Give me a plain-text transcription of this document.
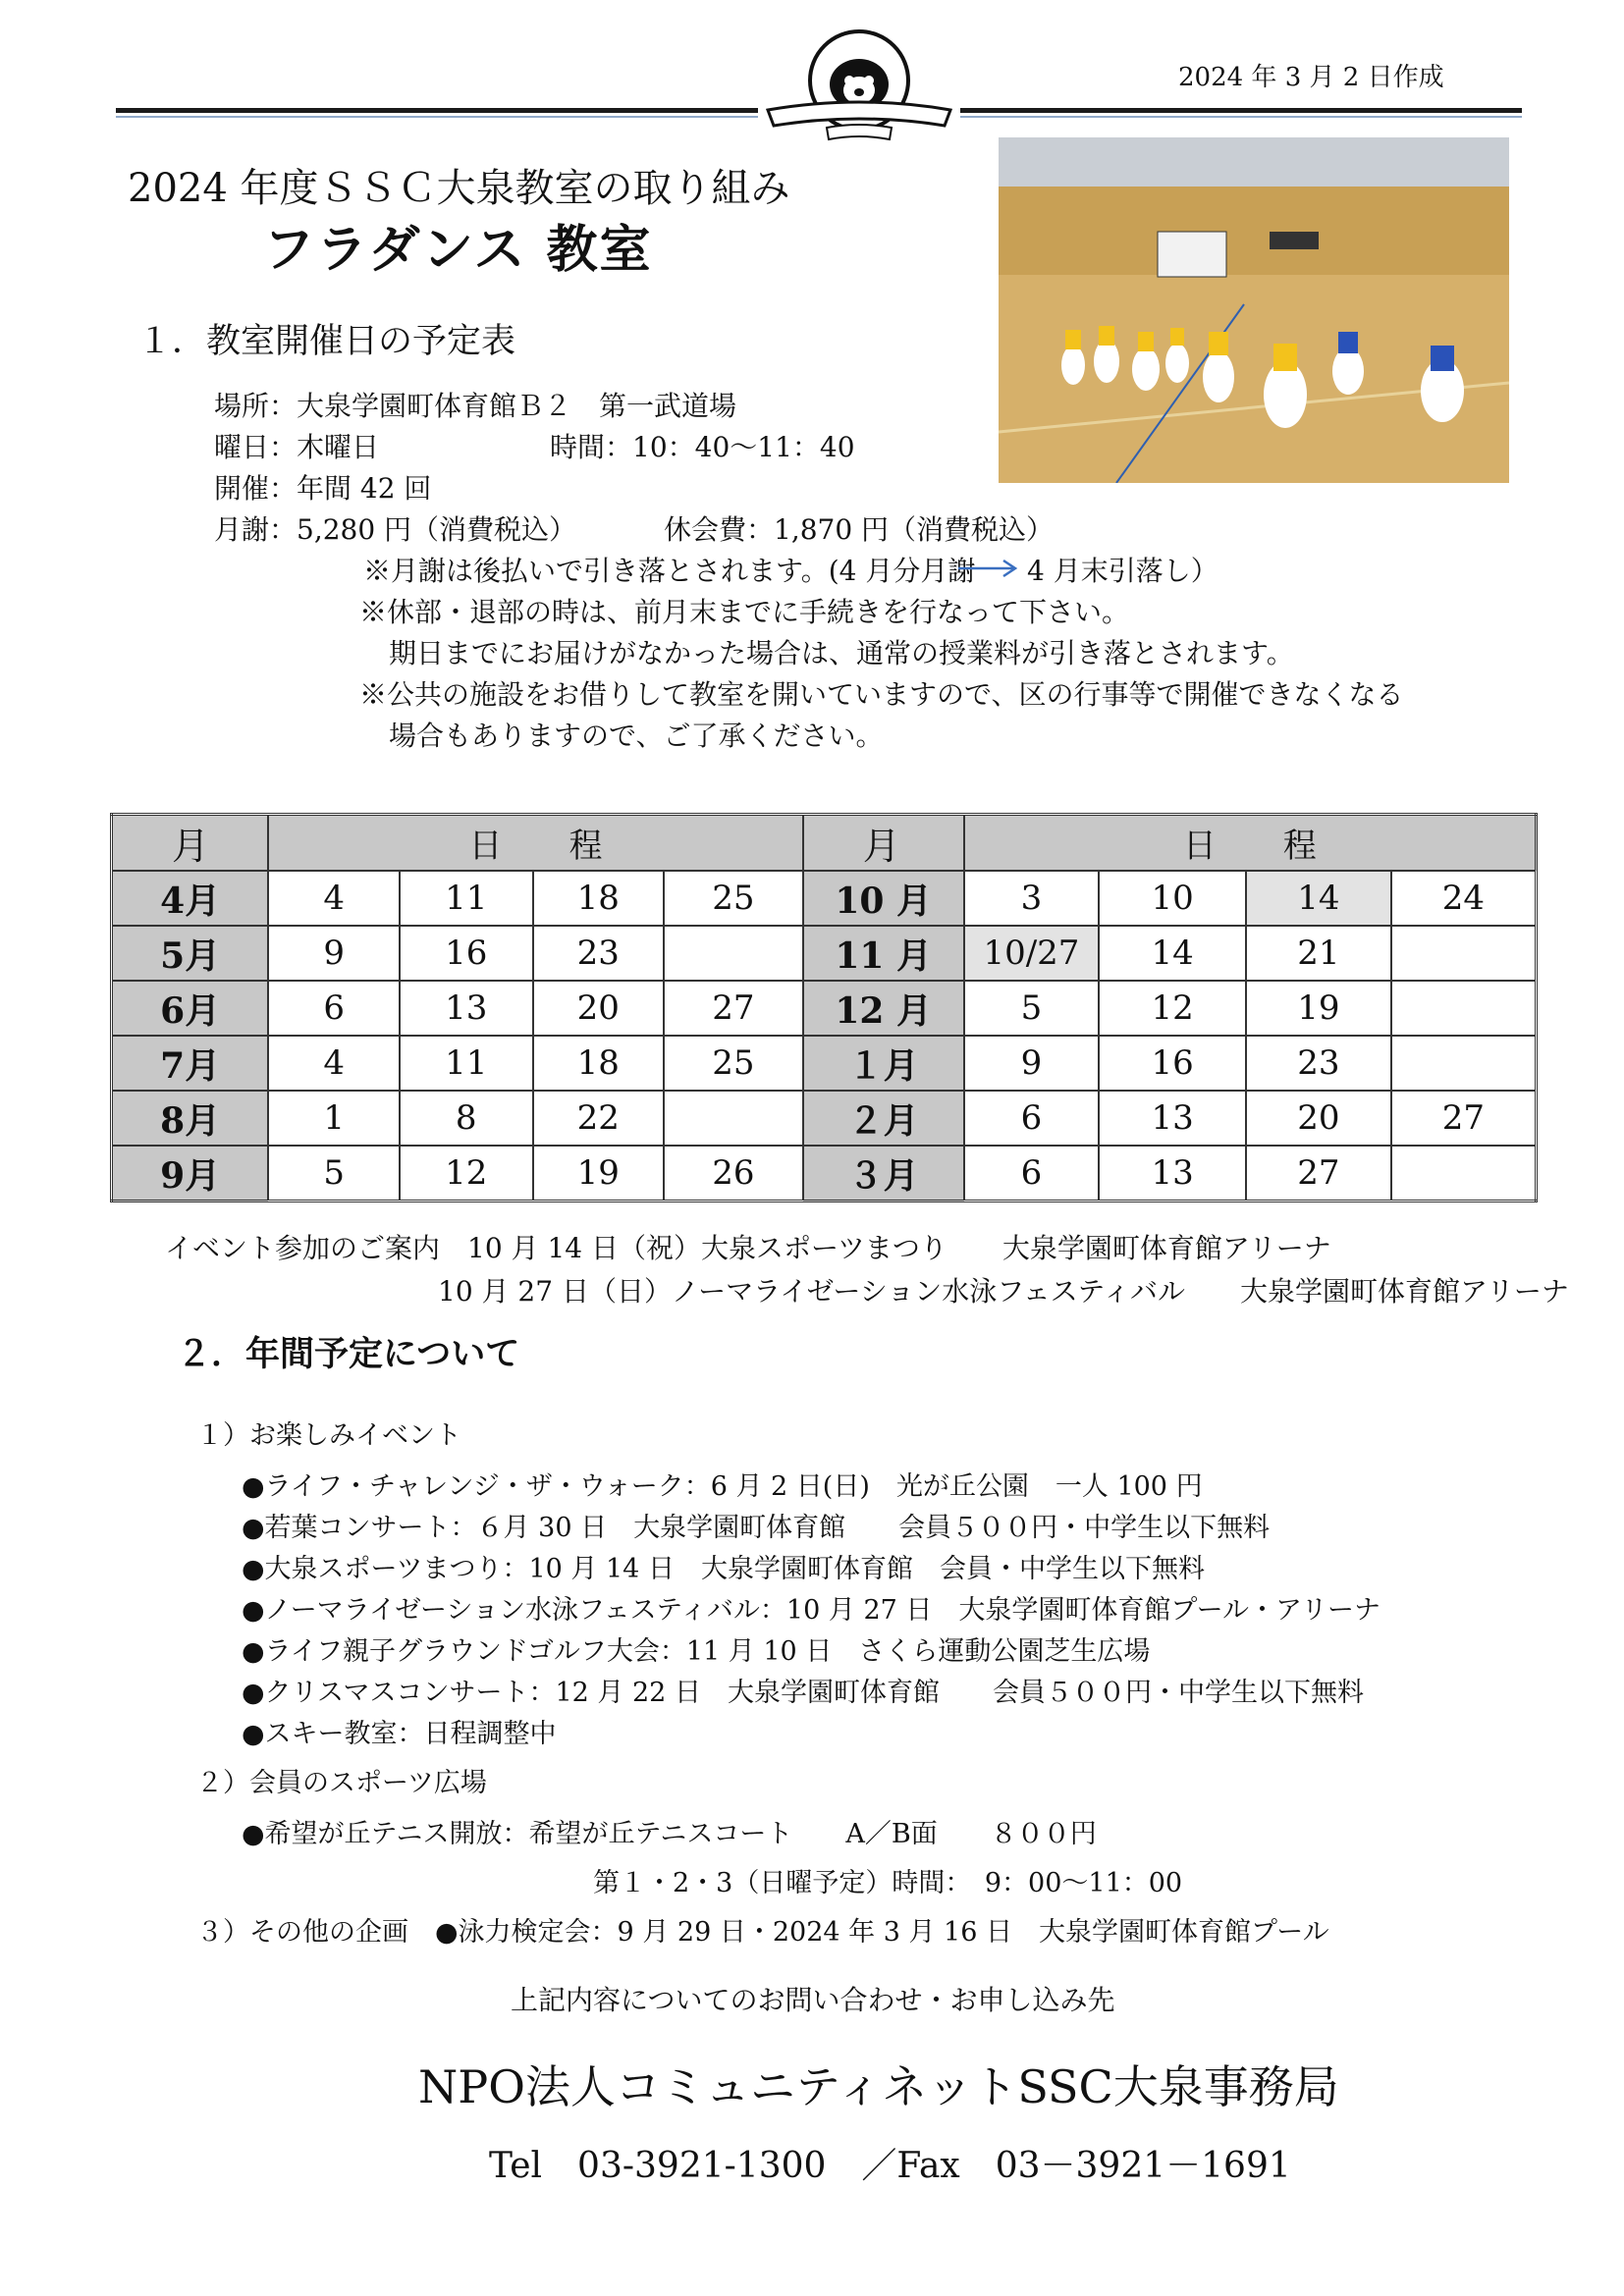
2024 年 3 月 2 日作成
2024 年度ＳＳＣ大泉教室の取り組み
フラダンス 教室
１．教室開催日の予定表
場所：大泉学園町体育館Ｂ２　第一武道場
曜日：木曜日	時間：10：40～11：40
開催：年間 42 回
月謝：5,280 円（消費税込）	休会費：1,870 円（消費税込）
※月謝は後払いで引き落とされます。(4 月分月謝 4 月末引落し）
※休部・退部の時は、前月末までに手続きを行なって下さい。
期日までにお届けがなかった場合は、通常の授業料が引き落とされます。
※公共の施設をお借りして教室を開いていますので、区の行事等で開催できなくなる
場合もありますので、ご了承ください。
月	日　　程				月	日　　程			
4月	4	11	18	25	10 月	3	10	14	24
5月	9	16	23		11 月	10/27	14	21	
6月	6	13	20	27	12 月	5	12	19	
7月	4	11	18	25	１月	9	16	23	
8月	1	8	22		２月	6	13	20	27
9月	5	12	19	26	３月	6	13	27	
イベント参加のご案内 10 月 14 日（祝）大泉スポーツまつり　　大泉学園町体育館アリーナ
10 月 27 日（日）ノーマライゼーション水泳フェスティバル　　大泉学園町体育館アリーナ
２．年間予定について
１）お楽しみイベント
●ライフ・チャレンジ・ザ・ウォーク：6 月 2 日(日)　光が丘公園　一人 100 円
●若葉コンサート：６月 30 日　大泉学園町体育館　　会員５００円・中学生以下無料
●大泉スポーツまつり：10 月 14 日　大泉学園町体育館　会員・中学生以下無料
●ノーマライゼーション水泳フェスティバル：10 月 27 日　大泉学園町体育館プール・アリーナ
●ライフ親子グラウンドゴルフ大会：11 月 10 日　さくら運動公園芝生広場
●クリスマスコンサート：12 月 22 日　大泉学園町体育館　　会員５００円・中学生以下無料
●スキー教室：日程調整中
２）会員のスポーツ広場
●希望が丘テニス開放：希望が丘テニスコート　　A／B面　　８００円
第１・2・3（日曜予定）時間：　9：00～11：00
３）その他の企画　●泳力検定会：9 月 29 日・2024 年 3 月 16 日　大泉学園町体育館プール
上記内容についてのお問い合わせ・お申し込み先
NPO法人コミュニティネットSSC大泉事務局
Tel　03-3921-1300　／Fax　03－3921－1691
